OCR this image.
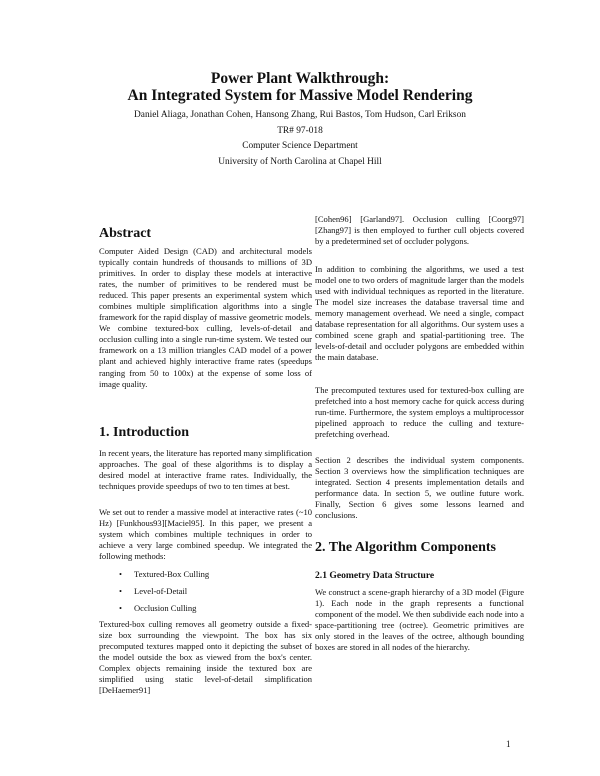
Power Plant Walkthrough:
An Integrated System for Massive Model Rendering
Daniel Aliaga, Jonathan Cohen, Hansong Zhang, Rui Bastos, Tom Hudson, Carl Erikson
TR# 97-018
Computer Science Department
University of North Carolina at Chapel Hill
Abstract

Computer Aided Design (CAD) and architectural models typically contain hundreds of thousands to millions of 3D primitives. In order to display these models at interactive rates, the number of primitives to be rendered must be reduced. This paper presents an experimental system which combines multiple simplification algorithms into a single framework for the rapid display of massive geometric models. We combine textured-box culling, levels-of-detail and occlusion culling into a single run-time system. We tested our framework on a 13 million triangles CAD model of a power plant and achieved highly interactive frame rates (speedups ranging from 50 to 100x) at the expense of some loss of image quality.

1. Introduction

In recent years, the literature has reported many simplification approaches. The goal of these algorithms is to display a desired model at interactive frame rates. Individually, the techniques provide speedups of two to ten times at best.

We set out to render a massive model at interactive rates (~10 Hz) [Funkhous93][Maciel95]. In this paper, we present a system which combines multiple techniques in order to achieve a very large combined speedup. We integrated the following methods:

• Textured-Box Culling
• Level-of-Detail
• Occlusion Culling

Textured-box culling removes all geometry outside a fixed-size box surrounding the viewpoint. The box has six precomputed textures mapped onto it depicting the subset of the model outside the box as viewed from the box's center. Complex objects remaining inside the textured box are simplified using static level-of-detail simplification [DeHaemer91]

[Cohen96] [Garland97]. Occlusion culling [Coorg97][Zhang97] is then employed to further cull objects covered by a predetermined set of occluder polygons.

In addition to combining the algorithms, we used a test model one to two orders of magnitude larger than the models used with individual techniques as reported in the literature. The model size increases the database traversal time and memory management overhead. We need a single, compact database representation for all algorithms. Our system uses a combined scene graph and spatial-partitioning tree. The levels-of-detail and occluder polygons are embedded within the main database.

The precomputed textures used for textured-box culling are prefetched into a host memory cache for quick access during run-time. Furthermore, the system employs a multiprocessor pipelined approach to reduce the culling and texture-prefetching overhead.

Section 2 describes the individual system components. Section 3 overviews how the simplification techniques are integrated. Section 4 presents implementation details and performance data. In section 5, we outline future work. Finally, Section 6 gives some lessons learned and conclusions.

2. The Algorithm Components
2.1 Geometry Data Structure

We construct a scene-graph hierarchy of a 3D model (Figure 1). Each node in the graph represents a functional component of the model. We then subdivide each node into a space-partitioning tree (octree). Geometric primitives are only stored in the leaves of the octree, although bounding boxes are stored in all nodes of the hierarchy.

1
